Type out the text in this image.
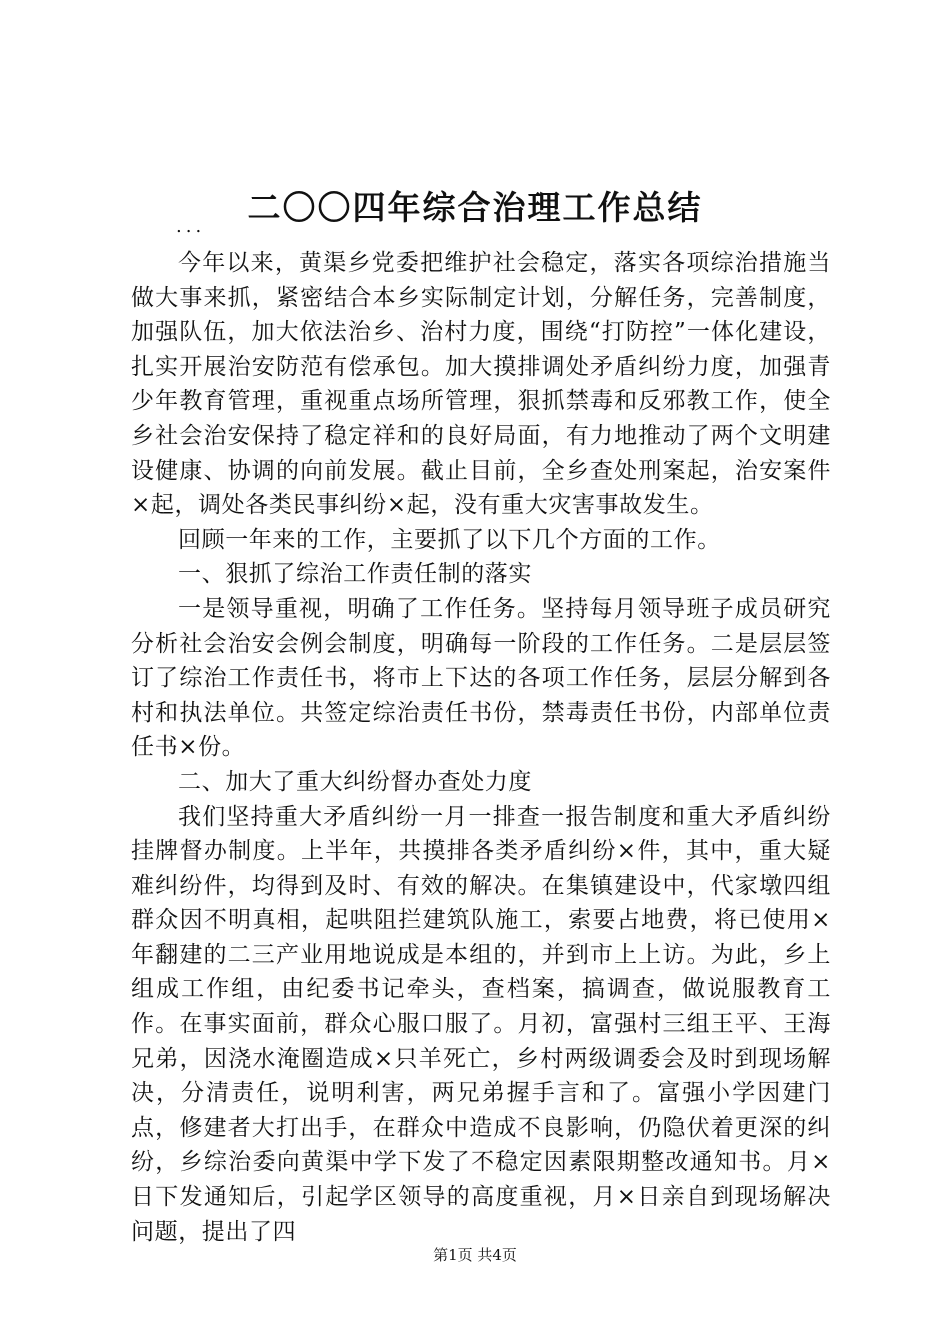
二〇〇四年综合治理工作总结
...

今年以来，黄渠乡党委把维护社会稳定，落实各项综治措施当做大事来抓，紧密结合本乡实际制定计划，分解任务，完善制度，加强队伍，加大依法治乡、治村力度，围绕“打防控”一体化建设，扎实开展治安防范有偿承包。加大摸排调处矛盾纠纷力度，加强青少年教育管理，重视重点场所管理，狠抓禁毒和反邪教工作，使全乡社会治安保持了稳定祥和的良好局面，有力地推动了两个文明建设健康、协调的向前发展。截止目前，全乡查处刑案起，治安案件×起，调处各类民事纠纷×起，没有重大灾害事故发生。

回顾一年来的工作，主要抓了以下几个方面的工作。

一、狠抓了综治工作责任制的落实

一是领导重视，明确了工作任务。坚持每月领导班子成员研究分析社会治安会例会制度，明确每一阶段的工作任务。二是层层签订了综治工作责任书，将市上下达的各项工作任务，层层分解到各村和执法单位。共签定综治责任书份，禁毒责任书份，内部单位责任书×份。

二、加大了重大纠纷督办查处力度

我们坚持重大矛盾纠纷一月一排查一报告制度和重大矛盾纠纷挂牌督办制度。上半年，共摸排各类矛盾纠纷×件，其中，重大疑难纠纷件，均得到及时、有效的解决。在集镇建设中，代家墩四组群众因不明真相，起哄阻拦建筑队施工，索要占地费，将已使用×年翻建的二三产业用地说成是本组的，并到市上上访。为此，乡上组成工作组，由纪委书记牵头，查档案，搞调查，做说服教育工作。在事实面前，群众心服口服了。月初，富强村三组王平、王海兄弟，因浇水淹圈造成×只羊死亡，乡村两级调委会及时到现场解决，分清责任，说明利害，两兄弟握手言和了。富强小学因建门点，修建者大打出手，在群众中造成不良影响，仍隐伏着更深的纠纷，乡综治委向黄渠中学下发了不稳定因素限期整改通知书。月×日下发通知后，引起学区领导的高度重视，月×日亲自到现场解决问题，提出了四

第1页 共4页
